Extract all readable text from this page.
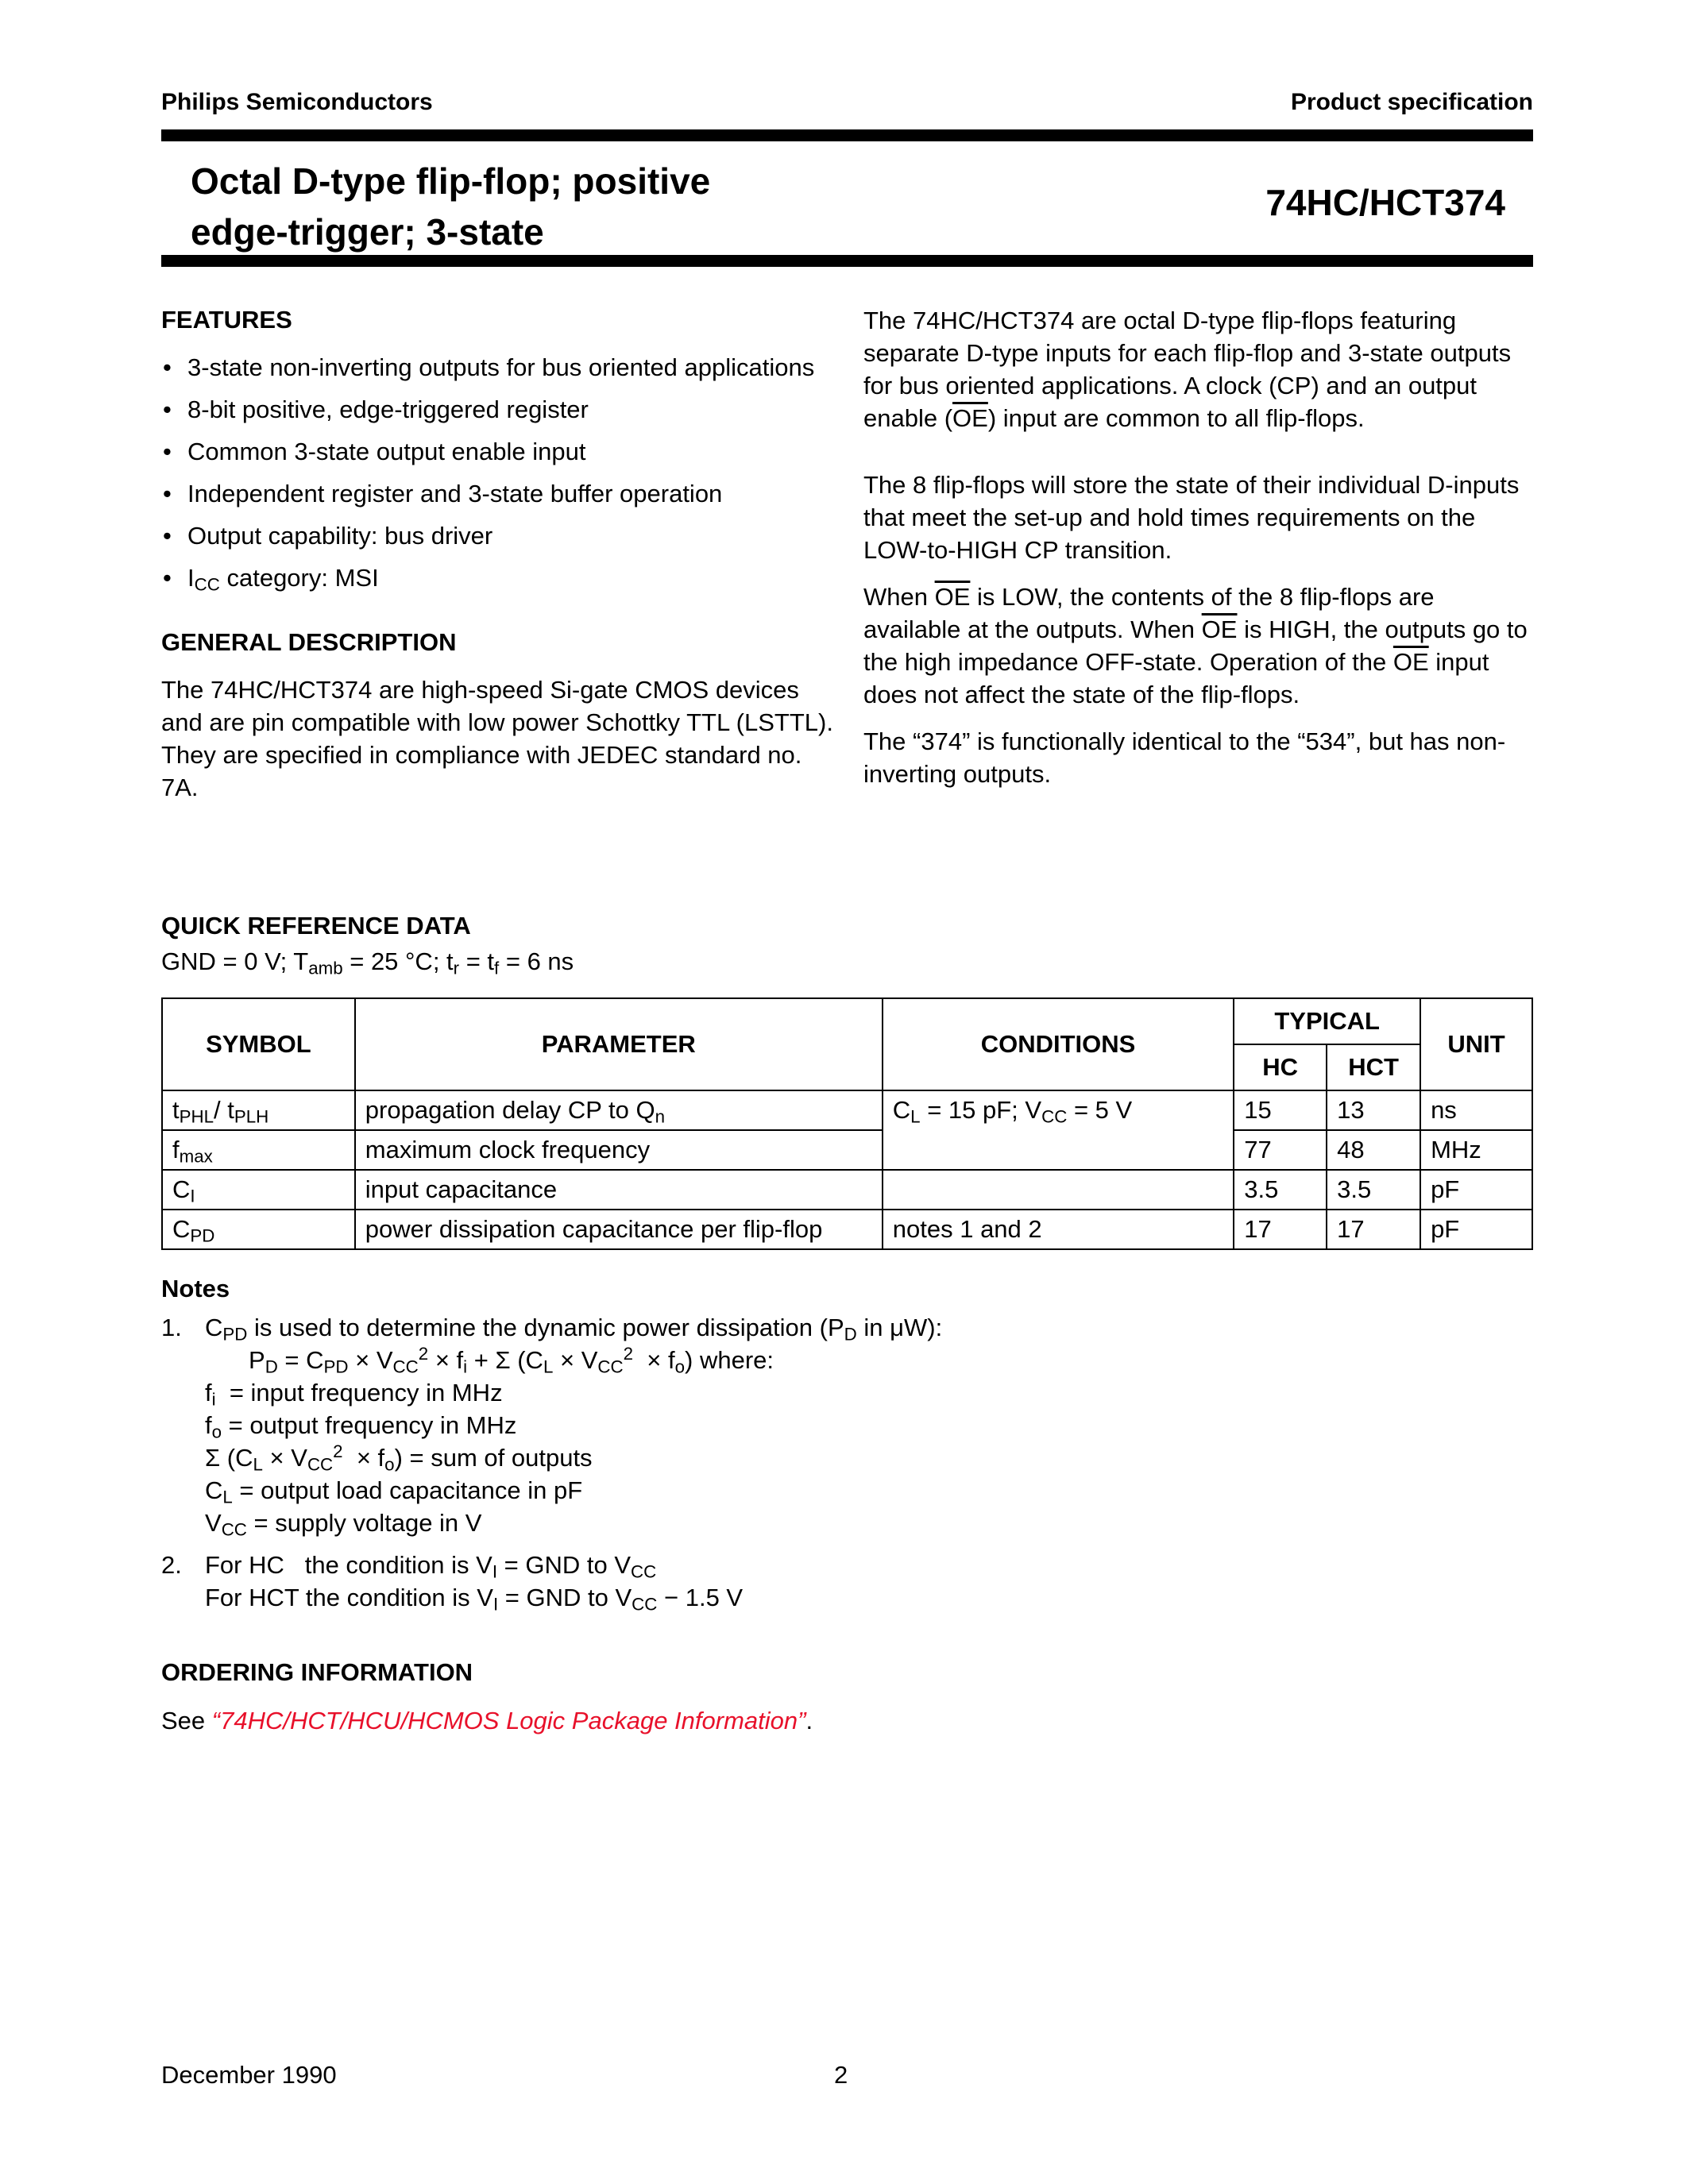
Philips Semiconductors	Product specification
Octal D-type flip-flop; positive
edge-trigger; 3-state
74HC/HCT374
FEATURES
• 3-state non-inverting outputs for bus oriented applications
• 8-bit positive, edge-triggered register
• Common 3-state output enable input
• Independent register and 3-state buffer operation
• Output capability: bus driver
• $I_{CC}$ category: MSI
GENERAL DESCRIPTION
The 74HC/HCT374 are high-speed Si-gate CMOS devices and are pin compatible with low power Schottky TTL (LSTTL). They are specified in compliance with JEDEC standard no. 7A.
The 74HC/HCT374 are octal D-type flip-flops featuring separate D-type inputs for each flip-flop and 3-state outputs for bus oriented applications. A clock (CP) and an output enable $(\overline{OE})$ input are common to all flip-flops.
The 8 flip-flops will store the state of their individual D-inputs that meet the set-up and hold times requirements on the LOW-to-HIGH CP transition.
When $\overline{OE}$ is LOW, the contents of the 8 flip-flops are available at the outputs. When $\overline{OE}$ is HIGH, the outputs go to the high impedance OFF-state. Operation of the $\overline{OE}$ input does not affect the state of the flip-flops.
The “374” is functionally identical to the “534”, but has non-inverting outputs.
QUICK REFERENCE DATA
GND = 0 V; $T_{amb} = 25$ °C; $t_r = t_f = 6$ ns
SYMBOL	PARAMETER	CONDITIONS	TYPICAL		UNIT
			HC	HCT	
$t_{PHL}/$ $t_{PLH}$	propagation delay CP to $Q_n$	$C_L = 15$ pF; $V_{CC} = 5$ V	15	13	ns
$f_{max}$	maximum clock frequency		77	48	MHz
$C_I$	input capacitance		3.5	3.5	pF
$C_{PD}$	power dissipation capacitance per flip-flop	notes 1 and 2	17	17	pF
Notes
1. $C_{PD}$ is used to determine the dynamic power dissipation ($P_D$ in μW):
$P_D = C_{PD} \times V_{CC}^2 \times f_i + \Sigma$ $(C_L \times V_{CC}^2 \times f_o)$ where:
$f_i$  = input frequency in MHz
$f_o$ = output frequency in MHz
Σ $(C_L \times V_{CC}^2 \times f_o)$ = sum of outputs
$C_L$ = output load capacitance in pF
$V_{CC}$ = supply voltage in V
2. For HC   the condition is $V_I$ = GND to $V_{CC}$
For HCT the condition is $V_I$ = GND to $V_{CC} - 1.5$ V
ORDERING INFORMATION
See “74HC/HCT/HCU/HCMOS Logic Package Information”.
December 1990	2
